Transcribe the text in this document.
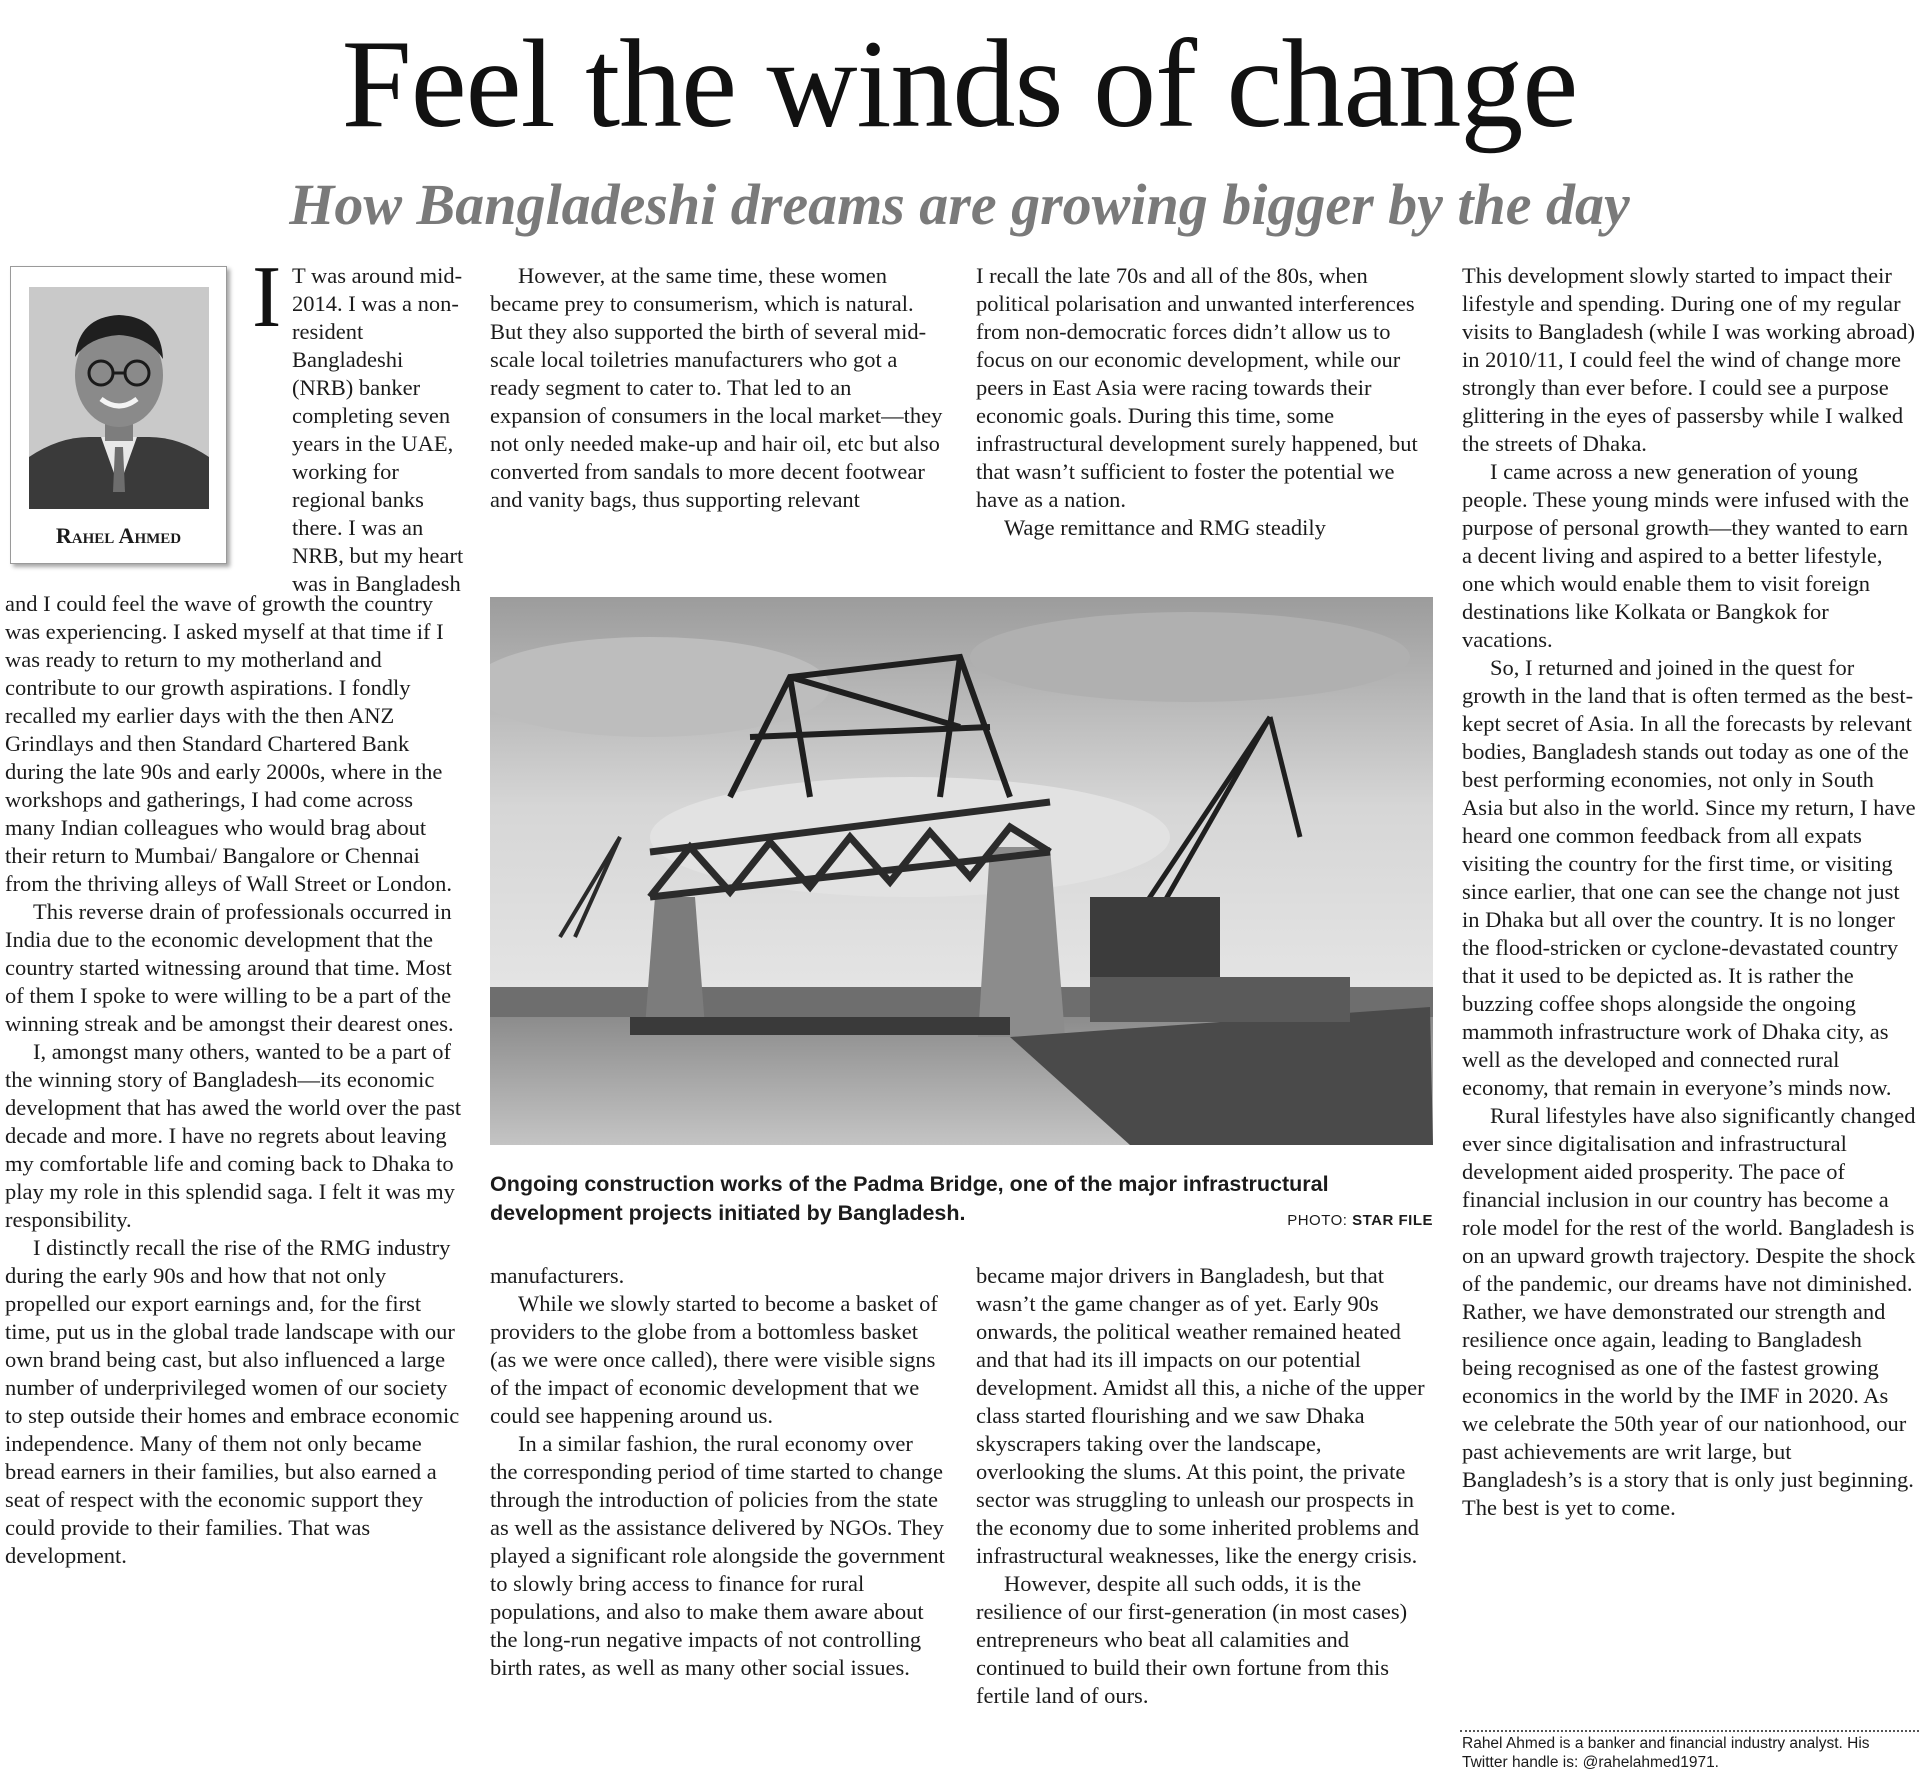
Feel the winds of change
How Bangladeshi dreams are growing bigger by the day
Rahel Ahmed
I T was around mid-2014. I was a non-resident Bangladeshi (NRB) banker completing seven years in the UAE, working for regional banks there. I was an NRB, but my heart was in Bangladesh

and I could feel the wave of growth the country was experiencing. I asked myself at that time if I was ready to return to my motherland and contribute to our growth aspirations. I fondly recalled my earlier days with the then ANZ Grindlays and then Standard Chartered Bank during the late 90s and early 2000s, where in the workshops and gatherings, I had come across many Indian colleagues who would brag about their return to Mumbai/ Bangalore or Chennai from the thriving alleys of Wall Street or London.

This reverse drain of professionals occurred in India due to the economic development that the country started witnessing around that time. Most of them I spoke to were willing to be a part of the winning streak and be amongst their dearest ones.

I, amongst many others, wanted to be a part of the winning story of Bangladesh—its economic development that has awed the world over the past decade and more. I have no regrets about leaving my comfortable life and coming back to Dhaka to play my role in this splendid saga. I felt it was my responsibility.

I distinctly recall the rise of the RMG industry during the early 90s and how that not only propelled our export earnings and, for the first time, put us in the global trade landscape with our own brand being cast, but also influenced a large number of underprivileged women of our society to step outside their homes and embrace economic independence. Many of them not only became bread earners in their families, but also earned a seat of respect with the economic support they could provide to their families. That was development.

However, at the same time, these women became prey to consumerism, which is natural. But they also supported the birth of several mid-scale local toiletries manufacturers who got a ready segment to cater to. That led to an expansion of consumers in the local market—they not only needed make-up and hair oil, etc but also converted from sandals to more decent footwear and vanity bags, thus supporting relevant

I recall the late 70s and all of the 80s, when political polarisation and unwanted interferences from non-democratic forces didn’t allow us to focus on our economic development, while our peers in East Asia were racing towards their economic goals. During this time, some infrastructural development surely happened, but that wasn’t sufficient to foster the potential we have as a nation.

Wage remittance and RMG steadily

Ongoing construction works of the Padma Bridge, one of the major infrastructural development projects initiated by Bangladesh.	PHOTO: STAR FILE

manufacturers.

While we slowly started to become a basket of providers to the globe from a bottomless basket (as we were once called), there were visible signs of the impact of economic development that we could see happening around us.

In a similar fashion, the rural economy over the corresponding period of time started to change through the introduction of policies from the state as well as the assistance delivered by NGOs. They played a significant role alongside the government to slowly bring access to finance for rural populations, and also to make them aware about the long-run negative impacts of not controlling birth rates, as well as many other social issues.

became major drivers in Bangladesh, but that wasn’t the game changer as of yet. Early 90s onwards, the political weather remained heated and that had its ill impacts on our potential development. Amidst all this, a niche of the upper class started flourishing and we saw Dhaka skyscrapers taking over the landscape, overlooking the slums. At this point, the private sector was struggling to unleash our prospects in the economy due to some inherited problems and infrastructural weaknesses, like the energy crisis.

However, despite all such odds, it is the resilience of our first-generation (in most cases) entrepreneurs who beat all calamities and continued to build their own fortune from this fertile land of ours.

This development slowly started to impact their lifestyle and spending. During one of my regular visits to Bangladesh (while I was working abroad) in 2010/11, I could feel the wind of change more strongly than ever before. I could see a purpose glittering in the eyes of passersby while I walked the streets of Dhaka.

I came across a new generation of young people. These young minds were infused with the purpose of personal growth—they wanted to earn a decent living and aspired to a better lifestyle, one which would enable them to visit foreign destinations like Kolkata or Bangkok for vacations.

So, I returned and joined in the quest for growth in the land that is often termed as the best-kept secret of Asia. In all the forecasts by relevant bodies, Bangladesh stands out today as one of the best performing economies, not only in South Asia but also in the world. Since my return, I have heard one common feedback from all expats visiting the country for the first time, or visiting since earlier, that one can see the change not just in Dhaka but all over the country. It is no longer the flood-stricken or cyclone-devastated country that it used to be depicted as. It is rather the buzzing coffee shops alongside the ongoing mammoth infrastructure work of Dhaka city, as well as the developed and connected rural economy, that remain in everyone’s minds now.

Rural lifestyles have also significantly changed ever since digitalisation and infrastructural development aided prosperity. The pace of financial inclusion in our country has become a role model for the rest of the world. Bangladesh is on an upward growth trajectory. Despite the shock of the pandemic, our dreams have not diminished. Rather, we have demonstrated our strength and resilience once again, leading to Bangladesh being recognised as one of the fastest growing economics in the world by the IMF in 2020. As we celebrate the 50th year of our nationhood, our past achievements are writ large, but Bangladesh’s is a story that is only just beginning. The best is yet to come.

Rahel Ahmed is a banker and financial industry analyst. His Twitter handle is: @rahelahmed1971.
